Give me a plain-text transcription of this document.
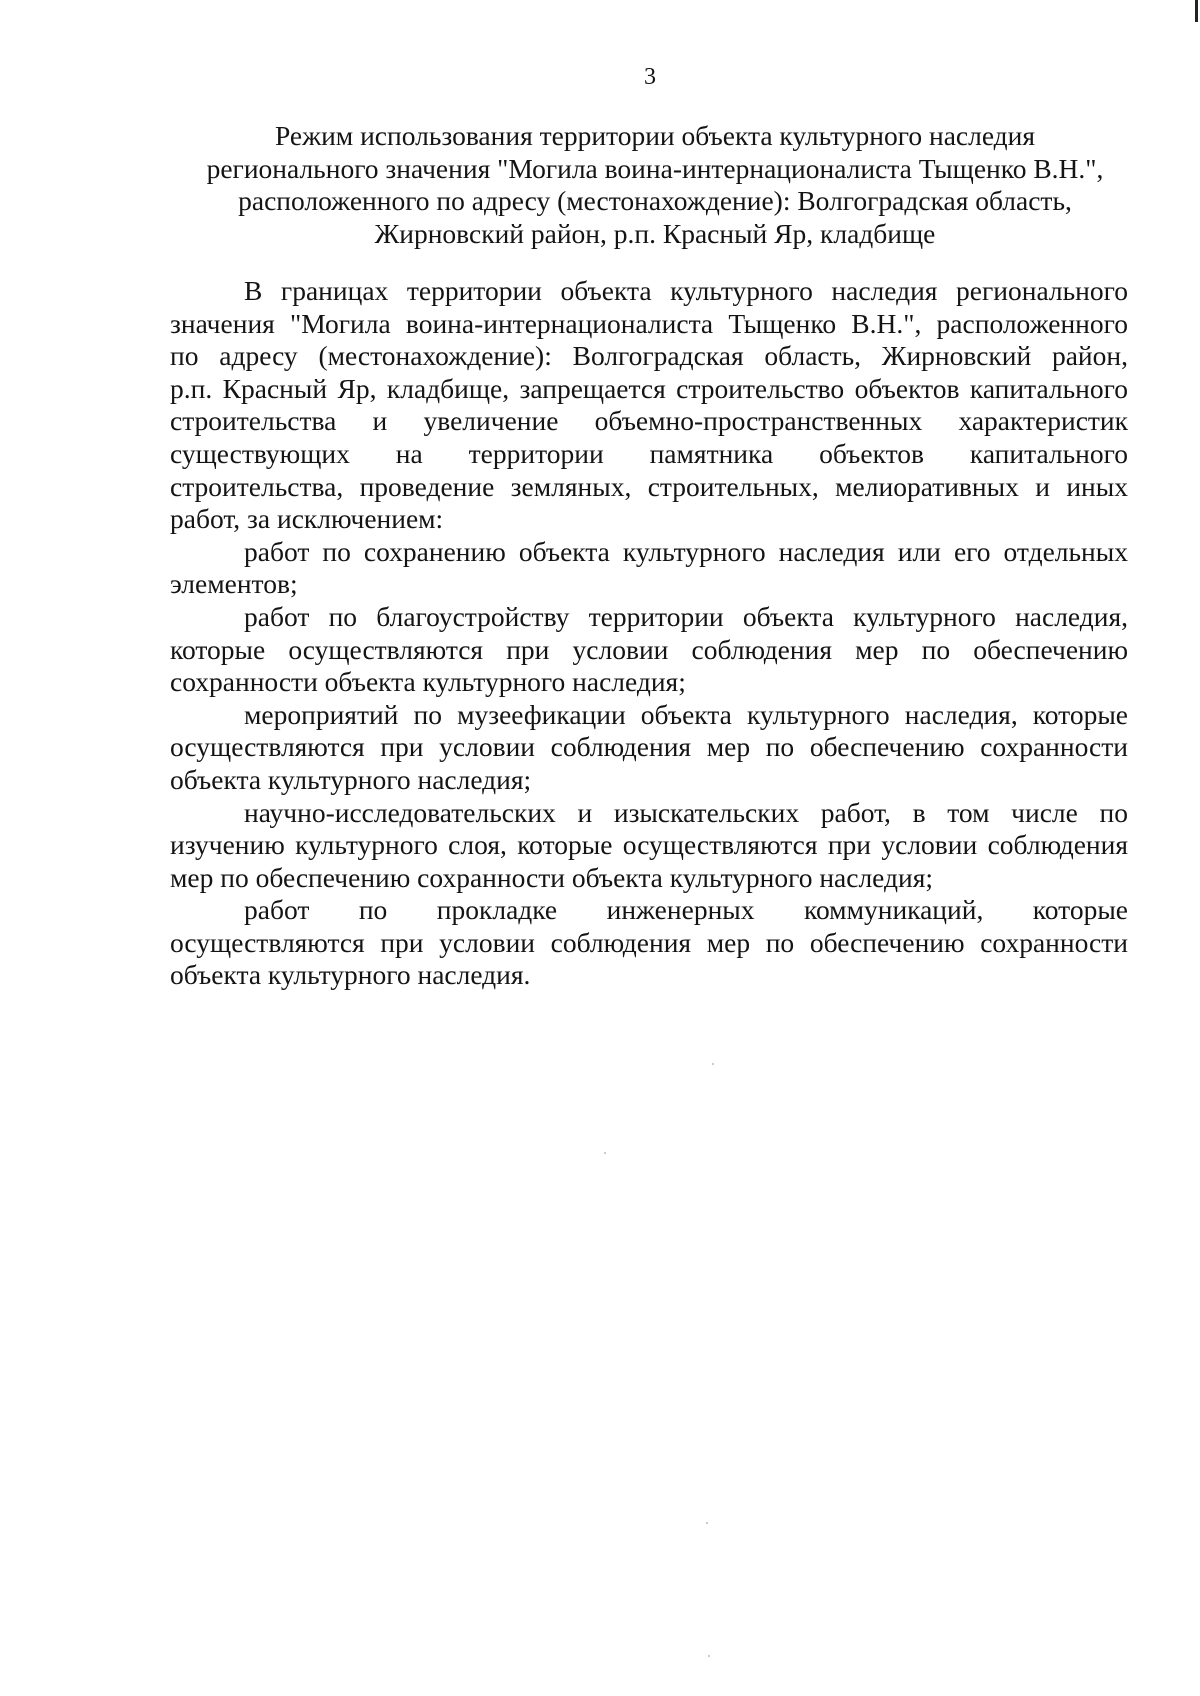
3
Режим использования территории объекта культурного наследия
регионального значения "Могила воина-интернационалиста Тыщенко В.Н.",
расположенного по адресу (местонахождение): Волгоградская область,
Жирновский район, р.п. Красный Яр, кладбище
В границах территории объекта культурного наследия регионального
значения "Могила воина-интернационалиста Тыщенко В.Н.", расположенного
по адресу (местонахождение): Волгоградская область, Жирновский район,
р.п. Красный Яр, кладбище, запрещается строительство объектов капитального
строительства и увеличение объемно-пространственных характеристик
существующих на территории памятника объектов капитального
строительства, проведение земляных, строительных, мелиоративных и иных
работ, за исключением:
работ по сохранению объекта культурного наследия или его отдельных
элементов;
работ по благоустройству территории объекта культурного наследия,
которые осуществляются при условии соблюдения мер по обеспечению
сохранности объекта культурного наследия;
мероприятий по музеефикации объекта культурного наследия, которые
осуществляются при условии соблюдения мер по обеспечению сохранности
объекта культурного наследия;
научно-исследовательских и изыскательских работ, в том числе по
изучению культурного слоя, которые осуществляются при условии соблюдения
мер по обеспечению сохранности объекта культурного наследия;
работ по прокладке инженерных коммуникаций, которые
осуществляются при условии соблюдения мер по обеспечению сохранности
объекта культурного наследия.
